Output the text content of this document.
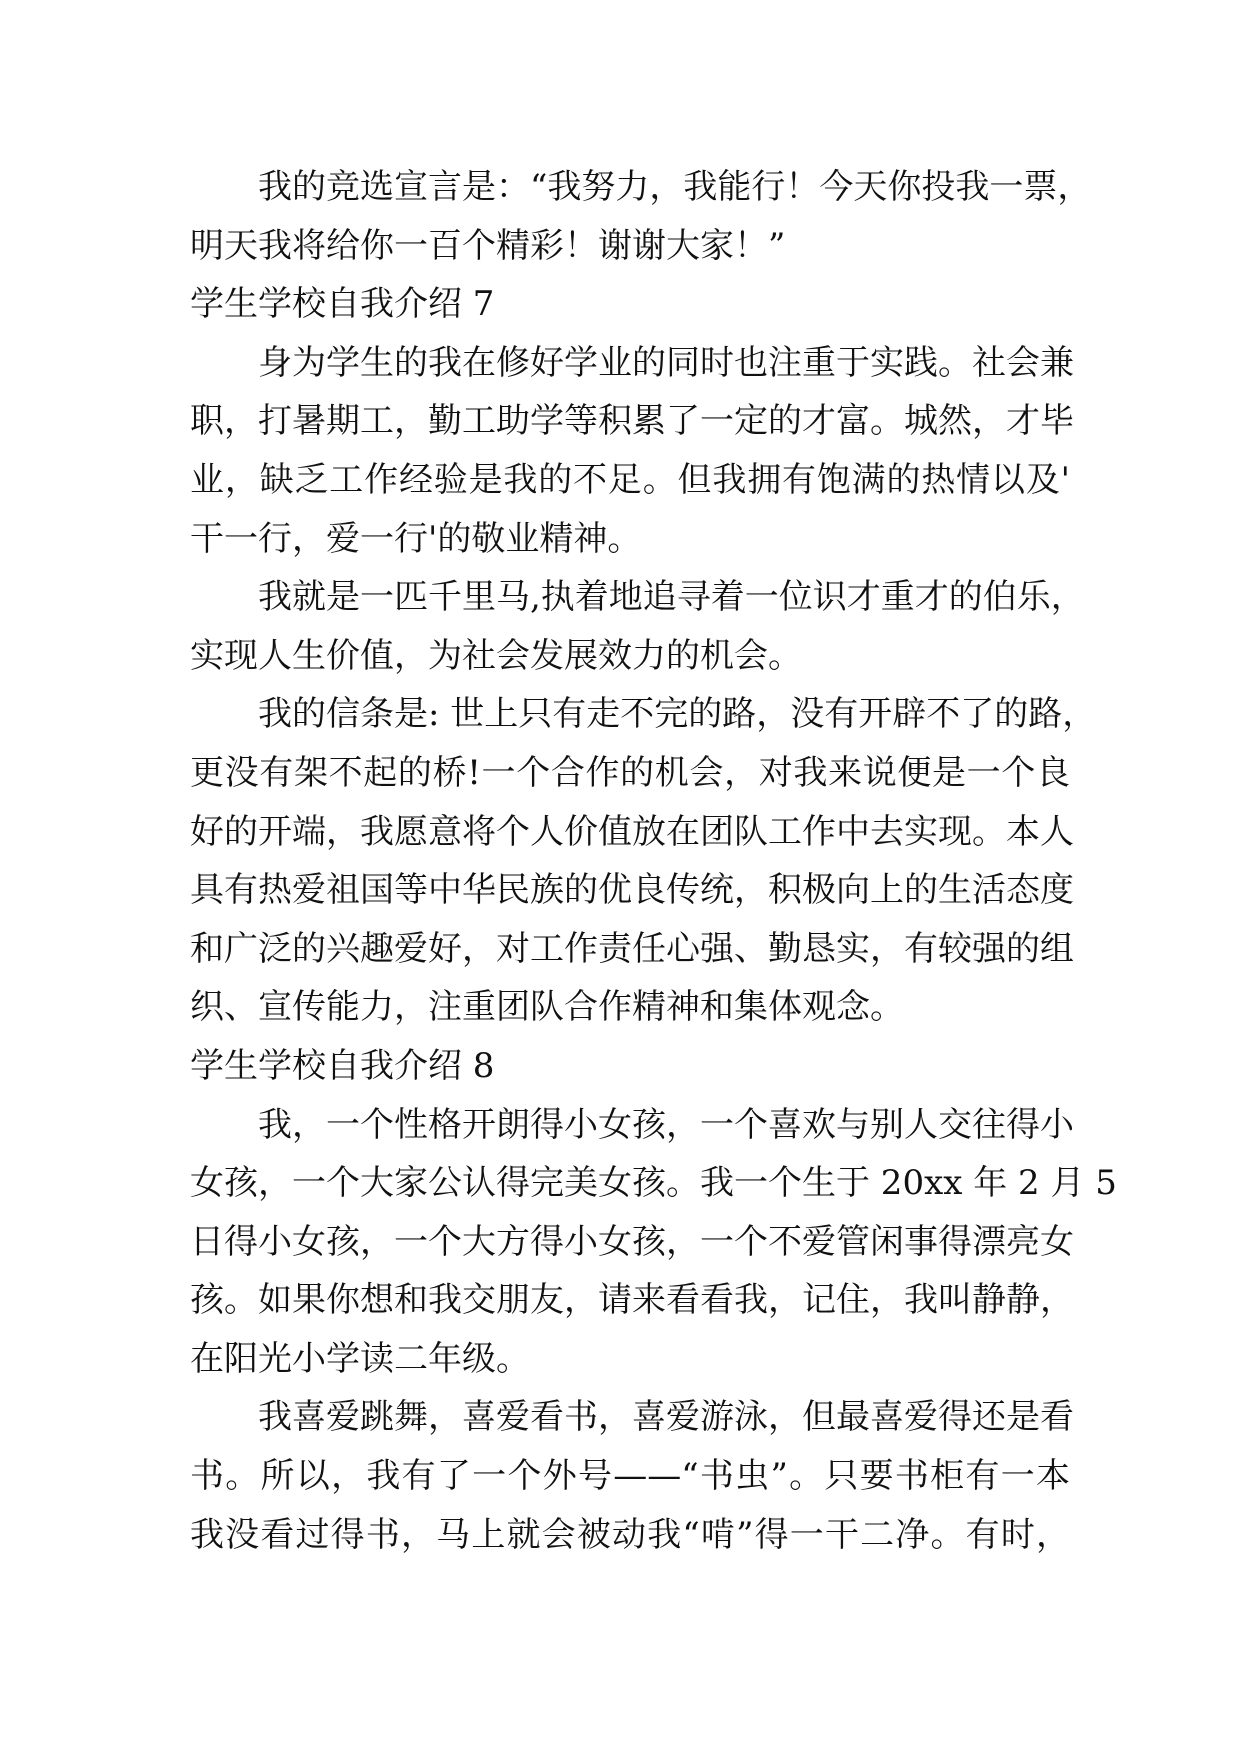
我的竞选宣言是：“我努力，我能行！今天你投我一票，
明天我将给你一百个精彩！谢谢大家！”
学生学校自我介绍 7
身为学生的我在修好学业的同时也注重于实践。社会兼
职，打暑期工，勤工助学等积累了一定的才富。城然，才毕
业，缺乏工作经验是我的不足。但我拥有饱满的热情以及'
干一行，爱一行'的敬业精神。
我就是一匹千里马,执着地追寻着一位识才重才的伯乐，
实现人生价值，为社会发展效力的机会。
我的信条是: 世上只有走不完的路，没有开辟不了的路，
更没有架不起的桥!一个合作的机会，对我来说便是一个良
好的开端，我愿意将个人价值放在团队工作中去实现。本人
具有热爱祖国等中华民族的优良传统，积极向上的生活态度
和广泛的兴趣爱好，对工作责任心强、勤恳实，有较强的组
织、宣传能力，注重团队合作精神和集体观念。
学生学校自我介绍 8
我，一个性格开朗得小女孩，一个喜欢与别人交往得小
女孩，一个大家公认得完美女孩。我一个生于 20xx 年 2 月 5
日得小女孩，一个大方得小女孩，一个不爱管闲事得漂亮女
孩。如果你想和我交朋友，请来看看我，记住，我叫静静，
在阳光小学读二年级。
我喜爱跳舞，喜爱看书，喜爱游泳，但最喜爱得还是看
书。所以，我有了一个外号——“书虫”。只要书柜有一本
我没看过得书，马上就会被动我“啃”得一干二净。有时，
